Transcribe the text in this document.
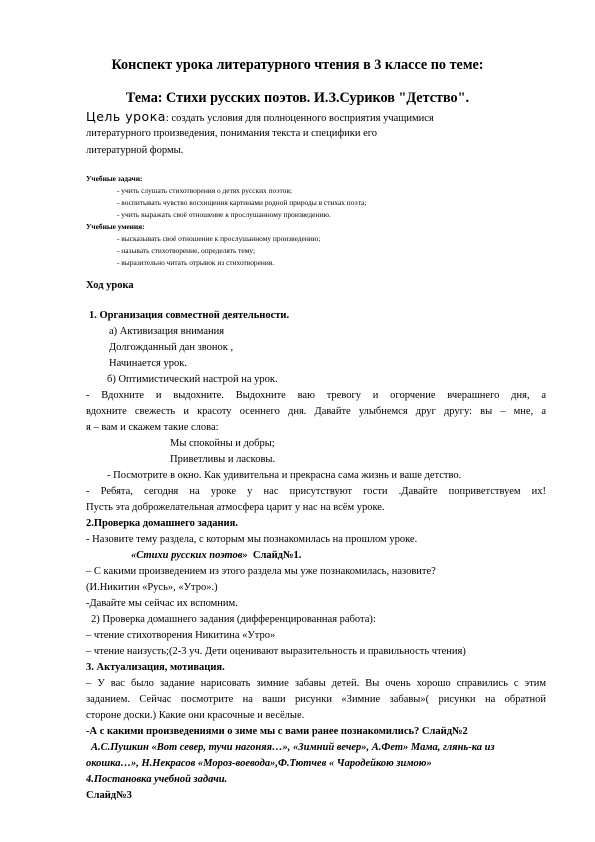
Конспект урока литературного чтения в 3 классе по теме:
Тема: Стихи русских поэтов. И.З.Суриков "Детство".
Цель урока: создать условия для полноценного восприятия учащимися
литературного произведения, понимания текста и специфики его
литературной формы.
Учебные задачи:
- учить слушать стихотворения о детях русских поэтов;
- воспитывать чувство восхищения картинами родной природы в стихах поэта;
- учить выражать своё отношение к прослушанному произведению.
Учебные умения:
- высказывать своё отношение к прослушанному произведению;
- называть стихотворение, определять тему;
- выразительно читать отрывок из стихотворения.
Ход урока
1. Организация совместной деятельности.
а) Активизация внимания
Долгожданный дан звонок ,
Начинается урок.
б) Оптимистический настрой на урок.
- Вдохните и выдохните. Выдохните ваю тревогу и огорчение вчерашнего дня, а
вдохните свежесть и красоту осеннего дня. Давайте улыбнемся друг другу: вы – мне, а
я – вам и скажем такие слова:
Мы спокойны и добры;
Приветливы и ласковы.
- Посмотрите в окно. Как удивительна и прекрасна сама жизнь и ваше детство.
- Ребята, сегодня на уроке у нас присутствуют гости .Давайте поприветствуем их!
Пусть эта доброжелательная атмосфера царит у нас на всём уроке.
2.Проверка домашнего задания.
- Назовите тему раздела, с которым мы познакомилась на прошлом уроке.
«Стихи русских поэтов» Слайд№1.
– С какими произведением из этого раздела мы уже познакомилась, назовите?
(И.Никитин «Русь», «Утро».)
-Давайте мы сейчас их вспомним.
2) Проверка домашнего задания (дифференцированная работа):
– чтение стихотворения Никитина «Утро»
– чтение наизусть;(2-3 уч. Дети оценивают выразительность и правильность чтения)
3. Актуализация, мотивация.
– У вас было задание нарисовать зимние забавы детей. Вы очень хорошо справились с этим
заданием. Сейчас посмотрите на ваши рисунки «Зимние забавы»( рисунки на обратной
стороне доски.) Какие они красочные и весёлые.
-А с какими произведениями о зиме мы с вами ранее познакомились? Слайд№2
А.С.Пушкин «Вот север, тучи нагоняя…», «Зимний вечер», А.Фет» Мама, глянь-ка из
окошка…», Н.Некрасов «Мороз-воевода»,Ф.Тютчев « Чародейкою зимою»
4.Постановка учебной задачи.
Слайд№3
